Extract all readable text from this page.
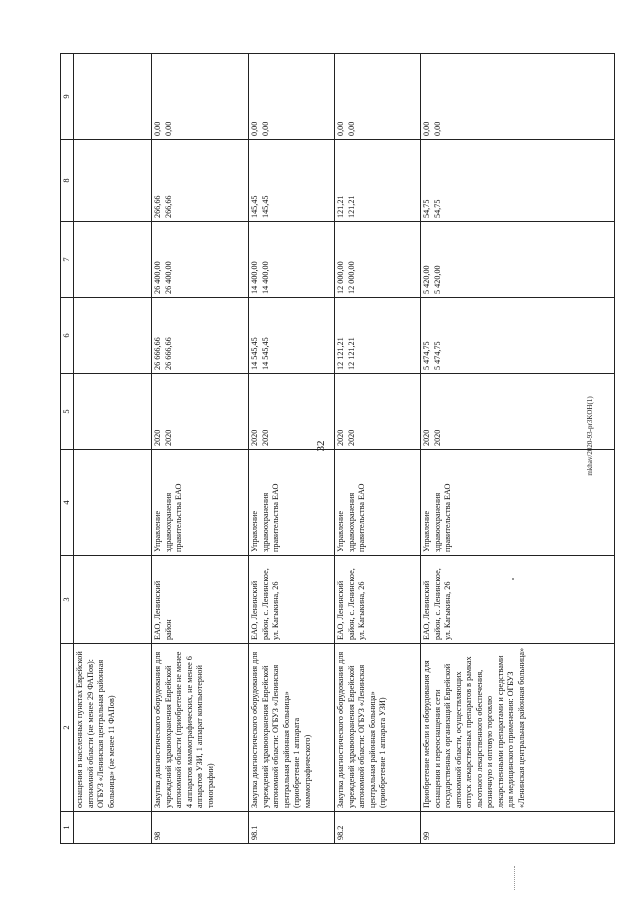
32	mkhav/2020-93-pr3KOH(1)
1	2	3	4	5	6	7	8	9
	оснащения в населенных пунктах Еврейской автономной области (не менее 29 ФАПов): ОГБУЗ «Ленинская центральная районная больница» (не менее 11 ФАПов)							
98	Закупка диагностического оборудования для учреждений здравоохранения Еврейской автономной области (приобретение не менее 4 аппаратов маммографических, не менее 6 аппаратов УЗИ, 1 аппарат компьютерной томографии)	ЕАО, Ленинский район	Управление здравоохранения правительства ЕАО	2020 2020	26 666,66 26 666,66	26 400,00 26 400,00	266,66 266,66	0,00 0,00

98.1	Закупка диагностического оборудования для учреждений здравоохранения Еврейской автономной области: ОГБУЗ «Ленинская центральная районная больница» (приобретение 1 аппарата маммографического)	ЕАО, Ленинский район, с. Ленинское, ул. Кагыкина, 26	Управление здравоохранения правительства ЕАО	2020 2020	14 545,45 14 545,45	14 400,00 14 400,00	145,45 145,45	0,00 0,00

98.2	Закупка диагностического оборудования для учреждений здравоохранения Еврейской автономной области: ОГБУЗ «Ленинская центральная районная больница» (приобретение 1 аппарата УЗИ)	ЕАО, Ленинский район, с. Ленинское, ул. Кагыкина, 26	Управление здравоохранения правительства ЕАО	2020 2020	12 121,21 12 121,21	12 000,00 12 000,00	121,21 121,21	0,00 0,00

99	Приобретение мебели и оборудования для оснащения и переоснащения сети государственных организаций Еврейской автономной области, осуществляющих отпуск лекарственных препаратов в рамках льготного лекарственного обеспечения, розничную и оптовую торговлю лекарственными препаратами и средствами для медицинского применения: ОГБУЗ «Ленинская центральная районная больница»	ЕАО, Ленинский район, с. Ленинское, ул. Кагыкина, 26	Управление здравоохранения правительства ЕАО	2020 2020	5 474,75 5 474,75	5 420,00 5 420,00	54,75 54,75	0,00 0,00
